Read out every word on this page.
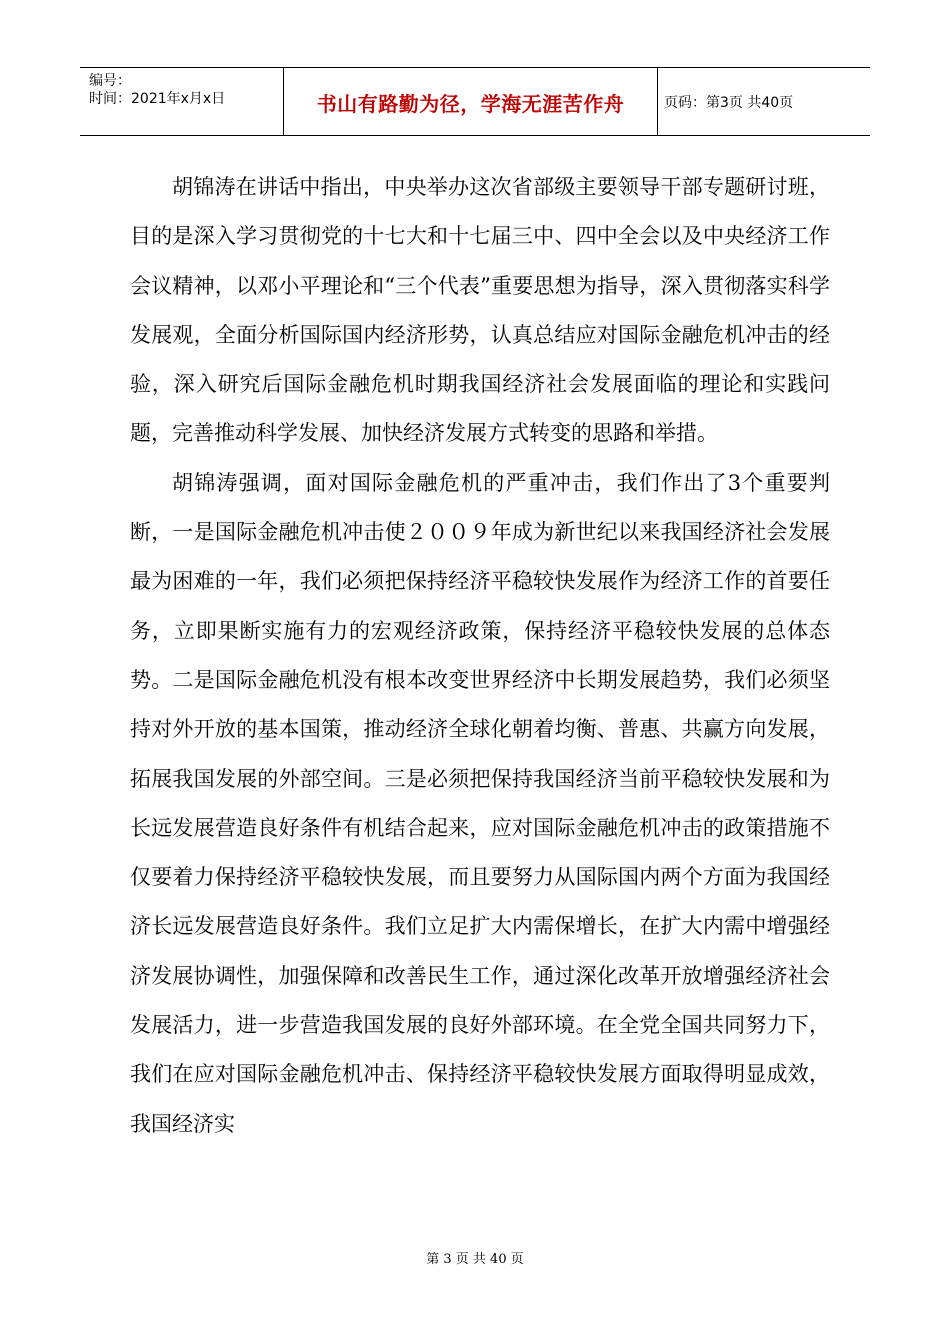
编号：
时间：2021年x月x日	书山有路勤为径，学海无涯苦作舟	页码：第3页 共40页

胡锦涛在讲话中指出，中央举办这次省部级主要领导干部专题研讨班，目的是深入学习贯彻党的十七大和十七届三中、四中全会以及中央经济工作会议精神，以邓小平理论和“三个代表”重要思想为指导，深入贯彻落实科学发展观，全面分析国际国内经济形势，认真总结应对国际金融危机冲击的经验，深入研究后国际金融危机时期我国经济社会发展面临的理论和实践问题，完善推动科学发展、加快经济发展方式转变的思路和举措。

胡锦涛强调，面对国际金融危机的严重冲击，我们作出了3个重要判断，一是国际金融危机冲击使２００９年成为新世纪以来我国经济社会发展最为困难的一年，我们必须把保持经济平稳较快发展作为经济工作的首要任务，立即果断实施有力的宏观经济政策，保持经济平稳较快发展的总体态势。二是国际金融危机没有根本改变世界经济中长期发展趋势，我们必须坚持对外开放的基本国策，推动经济全球化朝着均衡、普惠、共赢方向发展，拓展我国发展的外部空间。三是必须把保持我国经济当前平稳较快发展和为长远发展营造良好条件有机结合起来，应对国际金融危机冲击的政策措施不仅要着力保持经济平稳较快发展，而且要努力从国际国内两个方面为我国经济长远发展营造良好条件。我们立足扩大内需保增长，在扩大内需中增强经济发展协调性，加强保障和改善民生工作，通过深化改革开放增强经济社会发展活力，进一步营造我国发展的良好外部环境。在全党全国共同努力下，我们在应对国际金融危机冲击、保持经济平稳较快发展方面取得明显成效，我国经济实

第 3 页 共 40 页
